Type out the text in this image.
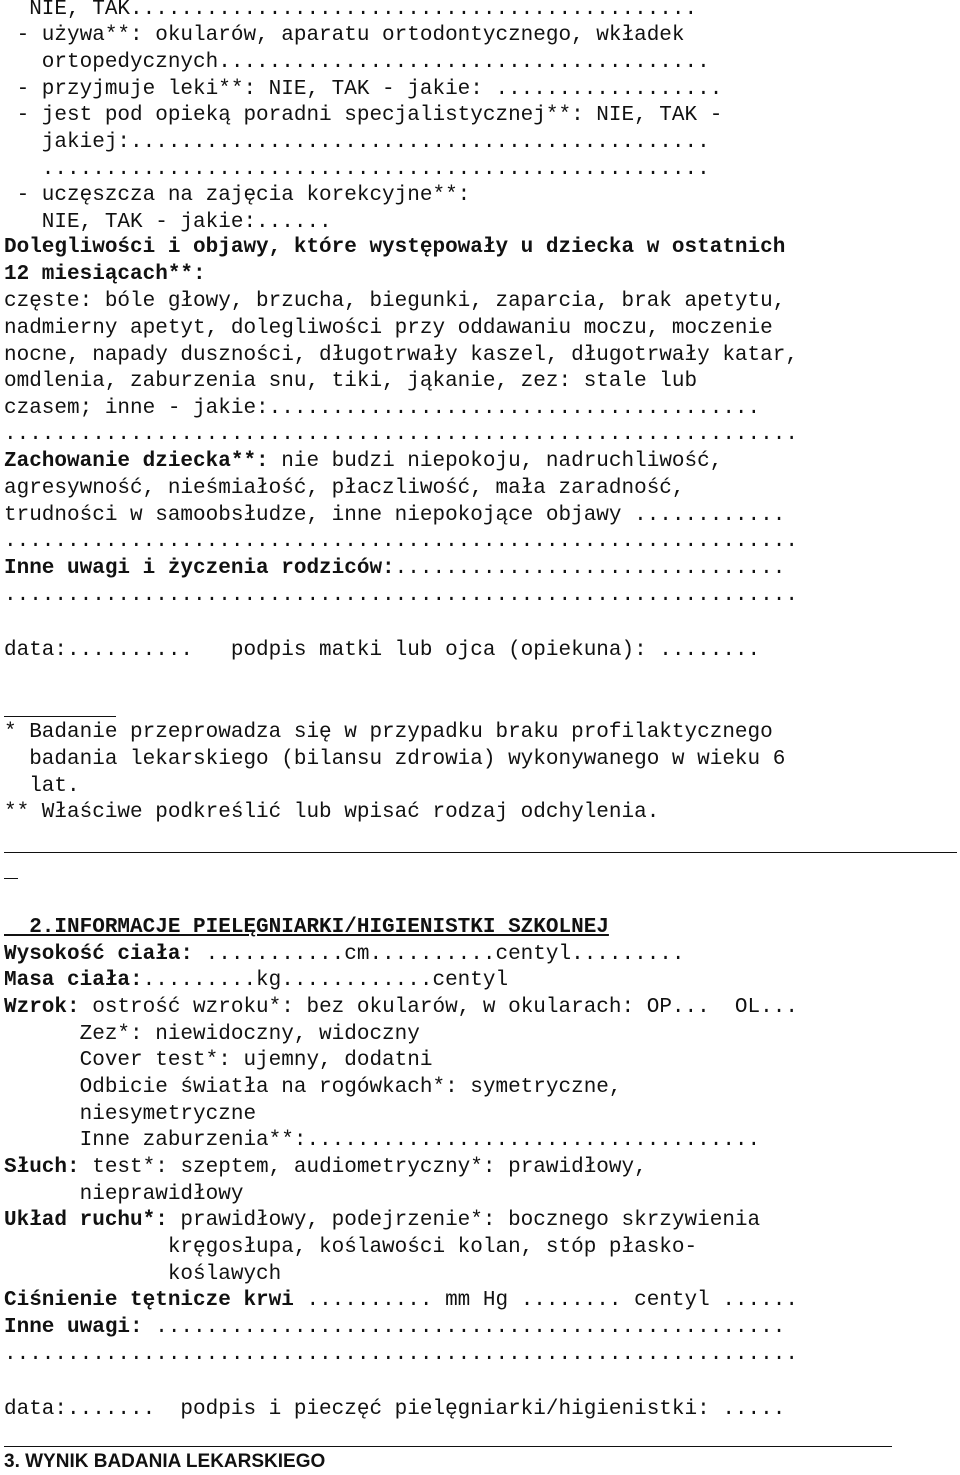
NIE, TAK.............................................
- używa**: okularów, aparatu ortodontycznego, wkładek
ortopedycznych.......................................
- przyjmuje leki**: NIE, TAK - jakie: ..................
- jest pod opieką poradni specjalistycznej**: NIE, TAK -
jakiej:..............................................
.....................................................
- uczęszcza na zajęcia korekcyjne**:
NIE, TAK - jakie:......
Dolegliwości i objawy, które występowały u dziecka w ostatnich
12 miesiącach**:
częste: bóle głowy, brzucha, biegunki, zaparcia, brak apetytu,
nadmierny apetyt, dolegliwości przy oddawaniu moczu, moczenie
nocne, napady duszności, długotrwały kaszel, długotrwały katar,
omdlenia, zaburzenia snu, tiki, jąkanie, zez: stale lub
czasem; inne - jakie:.......................................
...............................................................
Zachowanie dziecka**: nie budzi niepokoju, nadruchliwość,
agresywność, nieśmiałość, płaczliwość, mała zaradność,
trudności w samoobsłudze, inne niepokojące objawy ............
...............................................................
Inne uwagi i życzenia rodziców:...............................
...............................................................
data:..........   podpis matki lub ojca (opiekuna): ........
* Badanie przeprowadza się w przypadku braku profilaktycznego
badania lekarskiego (bilansu zdrowia) wykonywanego w wieku 6
lat.
** Właściwe podkreślić lub wpisać rodzaj odchylenia.
2.INFORMACJE PIELĘGNIARKI/HIGIENISTKI SZKOLNEJ
Wysokość ciała: ...........cm..........centyl.........
Masa ciała:.........kg............centyl
Wzrok: ostrość wzroku*: bez okularów, w okularach: OP...  OL...
Zez*: niewidoczny, widoczny
Cover test*: ujemny, dodatni
Odbicie światła na rogówkach*: symetryczne,
niesymetryczne
Inne zaburzenia**:....................................
Słuch: test*: szeptem, audiometryczny*: prawidłowy,
nieprawidłowy
Układ ruchu*: prawidłowy, podejrzenie*: bocznego skrzywienia
kręgosłupa, koślawości kolan, stóp płasko-
koślawych
Ciśnienie tętnicze krwi .......... mm Hg ........ centyl ......
Inne uwagi: ..................................................
...............................................................
data:.......  podpis i pieczęć pielęgniarki/higienistki: .....
3. WYNIK BADANIA LEKARSKIEGO
